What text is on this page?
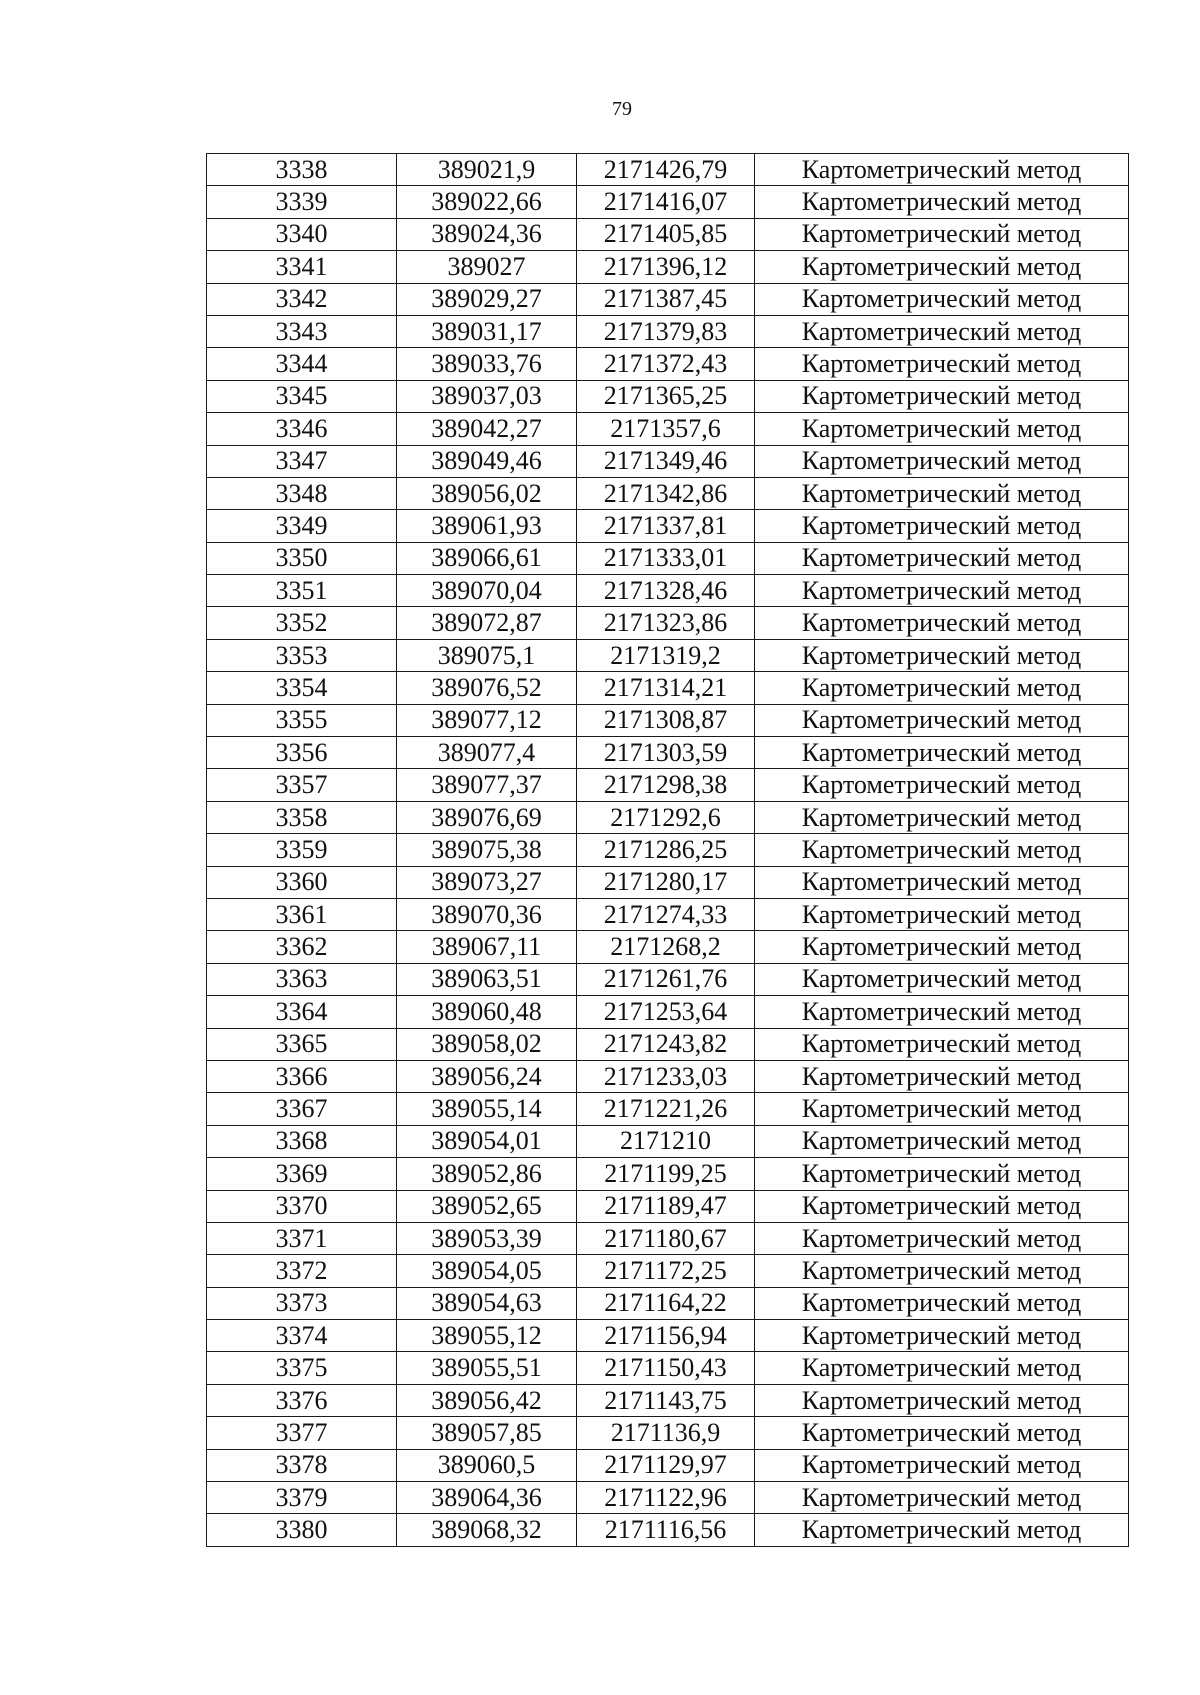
79
3338	389021,9	2171426,79	Картометрический метод
3339	389022,66	2171416,07	Картометрический метод
3340	389024,36	2171405,85	Картометрический метод
3341	389027	2171396,12	Картометрический метод
3342	389029,27	2171387,45	Картометрический метод
3343	389031,17	2171379,83	Картометрический метод
3344	389033,76	2171372,43	Картометрический метод
3345	389037,03	2171365,25	Картометрический метод
3346	389042,27	2171357,6	Картометрический метод
3347	389049,46	2171349,46	Картометрический метод
3348	389056,02	2171342,86	Картометрический метод
3349	389061,93	2171337,81	Картометрический метод
3350	389066,61	2171333,01	Картометрический метод
3351	389070,04	2171328,46	Картометрический метод
3352	389072,87	2171323,86	Картометрический метод
3353	389075,1	2171319,2	Картометрический метод
3354	389076,52	2171314,21	Картометрический метод
3355	389077,12	2171308,87	Картометрический метод
3356	389077,4	2171303,59	Картометрический метод
3357	389077,37	2171298,38	Картометрический метод
3358	389076,69	2171292,6	Картометрический метод
3359	389075,38	2171286,25	Картометрический метод
3360	389073,27	2171280,17	Картометрический метод
3361	389070,36	2171274,33	Картометрический метод
3362	389067,11	2171268,2	Картометрический метод
3363	389063,51	2171261,76	Картометрический метод
3364	389060,48	2171253,64	Картометрический метод
3365	389058,02	2171243,82	Картометрический метод
3366	389056,24	2171233,03	Картометрический метод
3367	389055,14	2171221,26	Картометрический метод
3368	389054,01	2171210	Картометрический метод
3369	389052,86	2171199,25	Картометрический метод
3370	389052,65	2171189,47	Картометрический метод
3371	389053,39	2171180,67	Картометрический метод
3372	389054,05	2171172,25	Картометрический метод
3373	389054,63	2171164,22	Картометрический метод
3374	389055,12	2171156,94	Картометрический метод
3375	389055,51	2171150,43	Картометрический метод
3376	389056,42	2171143,75	Картометрический метод
3377	389057,85	2171136,9	Картометрический метод
3378	389060,5	2171129,97	Картометрический метод
3379	389064,36	2171122,96	Картометрический метод
3380	389068,32	2171116,56	Картометрический метод
